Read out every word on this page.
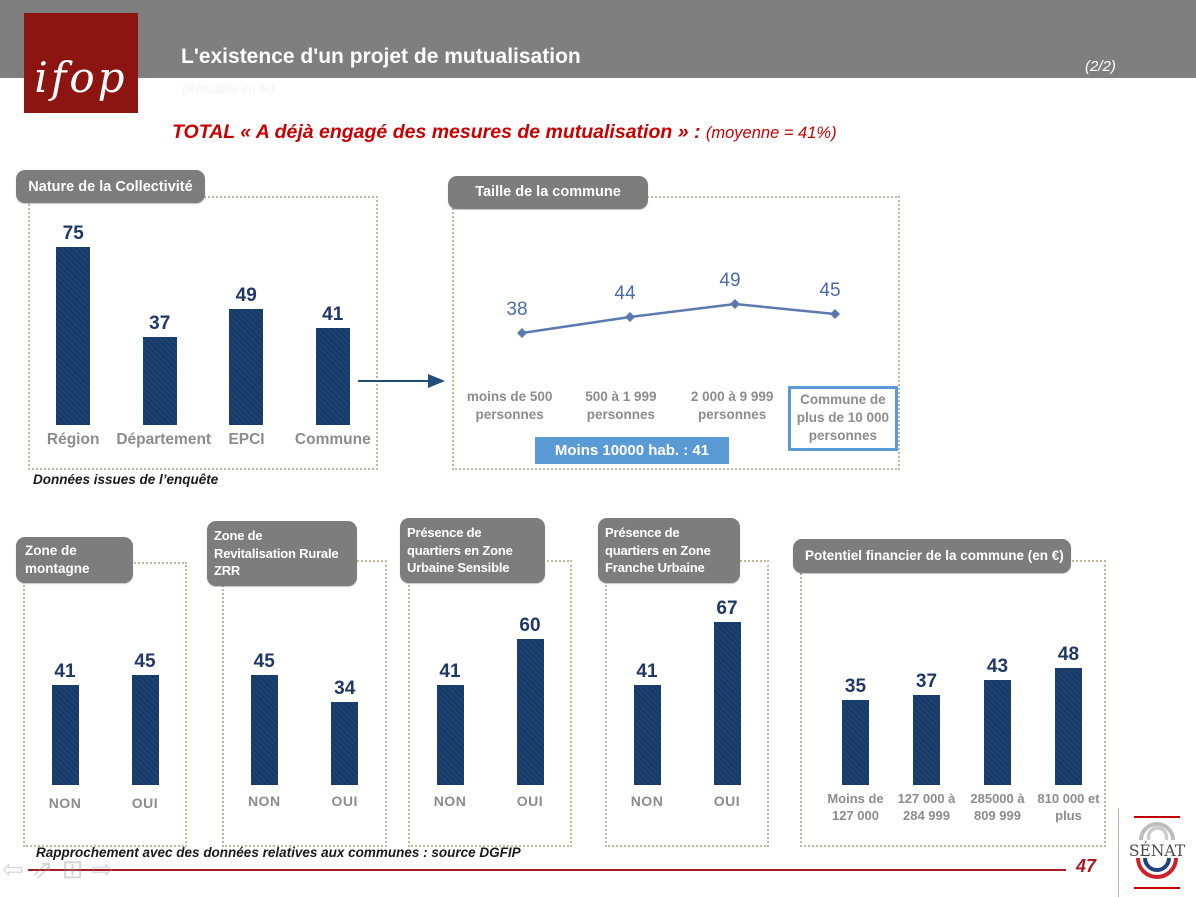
ifop	L'existence d'un projet de mutualisation
(Résultats en %)
(2/2)
TOTAL « A déjà engagé des mesures de mutualisation » : (moyenne = 41%)
75
37
49
41
Région	Département	EPCI	Commune
Nature de la Collectivité
Données issues de l’enquête
38
44
49	45
moins de 500 personnes
500 à 1 999 personnes
2 000 à 9 999 personnes
Commune de plus de 10 000 personnes
Moins 10000 hab. : 41
Taille de la commune
41	45
NON	OUI
Zone de
montagne
45
34
NON	OUI
Zone de
Revitalisation Rurale
ZRR
41
60
NON	OUI
Présence de
quartiers en Zone
Urbaine Sensible
41
67
NON	OUI
Présence de
quartiers en Zone
Franche Urbaine
35	37
43
48
Moins de 127 000
127 000 à 284 999
285000 à 809 999
810 000 et plus
Potentiel financier de la commune (en €)
Rapprochement avec des données relatives aux communes : source DGFIP
⇦ ⇗ ⊞ ⇨	47
SÉNAT
